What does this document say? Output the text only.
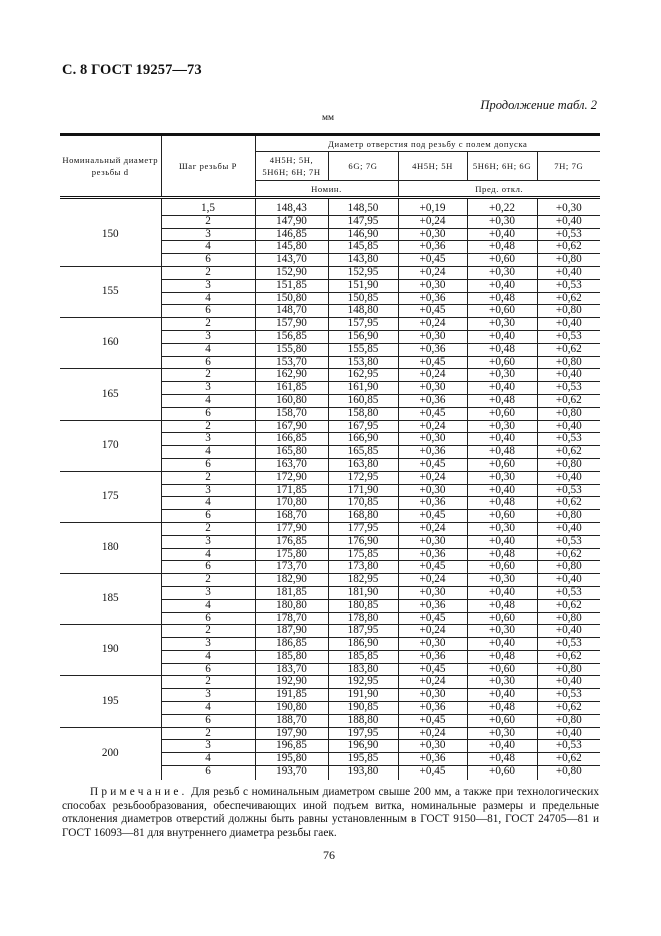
С. 8 ГОСТ 19257—73
Продолжение табл. 2
мм
Номинальный диаметр резьбы d	Шаг резьбы P	Диаметр отверстия под резьбу с полем допуска				
		4H5H; 5H, 5H6H; 6H; 7H	6G; 7G	4H5H; 5H	5H6H; 6H; 6G	7H; 7G
		Номин.		Пред. откл.		
150	1,5	148,43	148,50	+0,19	+0,22	+0,30
	2	147,90	147,95	+0,24	+0,30	+0,40
	3	146,85	146,90	+0,30	+0,40	+0,53
	4	145,80	145,85	+0,36	+0,48	+0,62
	6	143,70	143,80	+0,45	+0,60	+0,80
155	2	152,90	152,95	+0,24	+0,30	+0,40
	3	151,85	151,90	+0,30	+0,40	+0,53
	4	150,80	150,85	+0,36	+0,48	+0,62
	6	148,70	148,80	+0,45	+0,60	+0,80
160	2	157,90	157,95	+0,24	+0,30	+0,40
	3	156,85	156,90	+0,30	+0,40	+0,53
	4	155,80	155,85	+0,36	+0,48	+0,62
	6	153,70	153,80	+0,45	+0,60	+0,80
165	2	162,90	162,95	+0,24	+0,30	+0,40
	3	161,85	161,90	+0,30	+0,40	+0,53
	4	160,80	160,85	+0,36	+0,48	+0,62
	6	158,70	158,80	+0,45	+0,60	+0,80
170	2	167,90	167,95	+0,24	+0,30	+0,40
	3	166,85	166,90	+0,30	+0,40	+0,53
	4	165,80	165,85	+0,36	+0,48	+0,62
	6	163,70	163,80	+0,45	+0,60	+0,80
175	2	172,90	172,95	+0,24	+0,30	+0,40
	3	171,85	171,90	+0,30	+0,40	+0,53
	4	170,80	170,85	+0,36	+0,48	+0,62
	6	168,70	168,80	+0,45	+0,60	+0,80
180	2	177,90	177,95	+0,24	+0,30	+0,40
	3	176,85	176,90	+0,30	+0,40	+0,53
	4	175,80	175,85	+0,36	+0,48	+0,62
	6	173,70	173,80	+0,45	+0,60	+0,80
185	2	182,90	182,95	+0,24	+0,30	+0,40
	3	181,85	181,90	+0,30	+0,40	+0,53
	4	180,80	180,85	+0,36	+0,48	+0,62
	6	178,70	178,80	+0,45	+0,60	+0,80
190	2	187,90	187,95	+0,24	+0,30	+0,40
	3	186,85	186,90	+0,30	+0,40	+0,53
	4	185,80	185,85	+0,36	+0,48	+0,62
	6	183,70	183,80	+0,45	+0,60	+0,80
195	2	192,90	192,95	+0,24	+0,30	+0,40
	3	191,85	191,90	+0,30	+0,40	+0,53
	4	190,80	190,85	+0,36	+0,48	+0,62
	6	188,70	188,80	+0,45	+0,60	+0,80
200	2	197,90	197,95	+0,24	+0,30	+0,40
	3	196,85	196,90	+0,30	+0,40	+0,53
	4	195,80	195,85	+0,36	+0,48	+0,62
	6	193,70	193,80	+0,45	+0,60	+0,80

Примечание. Для резьб с номинальным диаметром свыше 200 мм, а также при технологических способах резьбообразования, обеспечивающих иной подъем витка, номинальные размеры и предельные отклонения диаметров отверстий должны быть равны установленным в ГОСТ 9150—81, ГОСТ 24705—81 и ГОСТ 16093—81 для внутреннего диаметра резьбы гаек.

76
